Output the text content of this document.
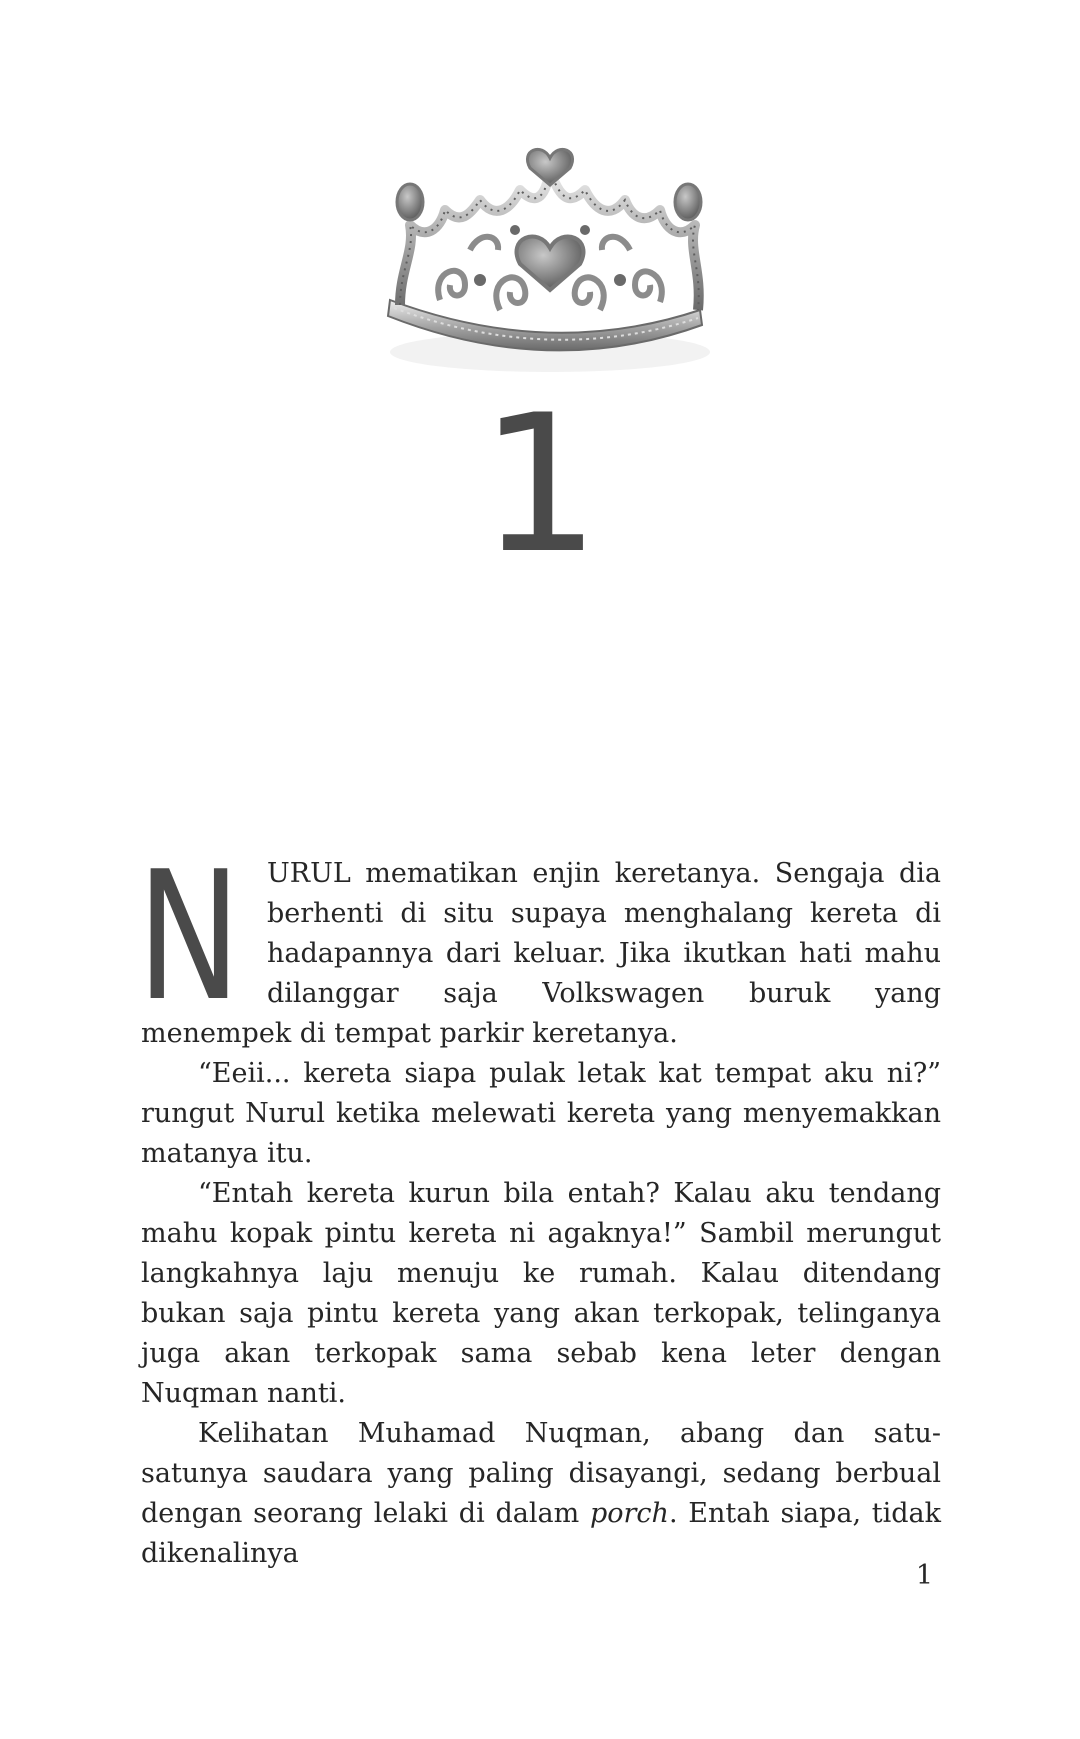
1

NURUL mematikan enjin keretanya. Sengaja dia berhenti di situ supaya menghalang kereta di hadapannya dari keluar. Jika ikutkan hati mahu dilanggar saja Volkswagen buruk yang menempek di tempat parkir keretanya.

“Eeii... kereta siapa pulak letak kat tempat aku ni?” rungut Nurul ketika melewati kereta yang menyemakkan matanya itu.

“Entah kereta kurun bila entah? Kalau aku tendang mahu kopak pintu kereta ni agaknya!” Sambil merungut langkahnya laju menuju ke rumah. Kalau ditendang bukan saja pintu kereta yang akan terkopak, telinganya juga akan terkopak sama sebab kena leter dengan Nuqman nanti.

Kelihatan Muhamad Nuqman, abang dan satu-satunya saudara yang paling disayangi, sedang berbual dengan seorang lelaki di dalam porch. Entah siapa, tidak dikenalinya

1
